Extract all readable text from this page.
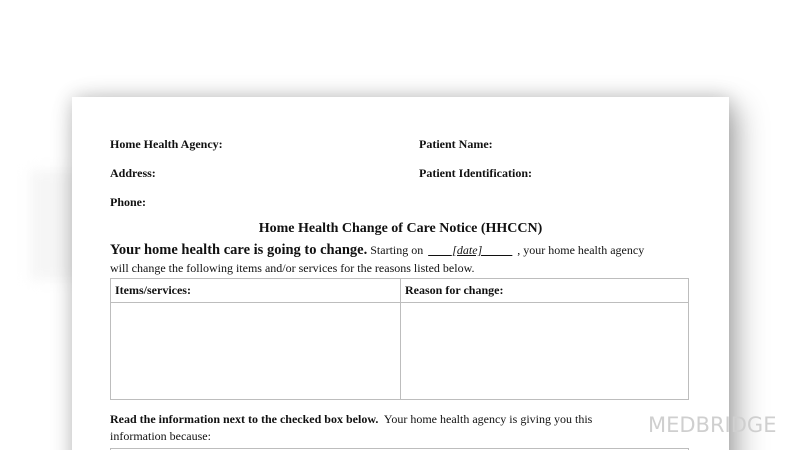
Home Health Agency:	Patient Name:
Address:	Patient Identification:
Phone:
Home Health Change of Care Notice (HHCCN)
Your home health care is going to change. Starting on ____[date]_____ , your home health agency
will change the following items and/or services for the reasons listed below.
Items/services:	Reason for change:
Read the information next to the checked box below. Your home health agency is giving you this
information because:	MEDBRIDGE
